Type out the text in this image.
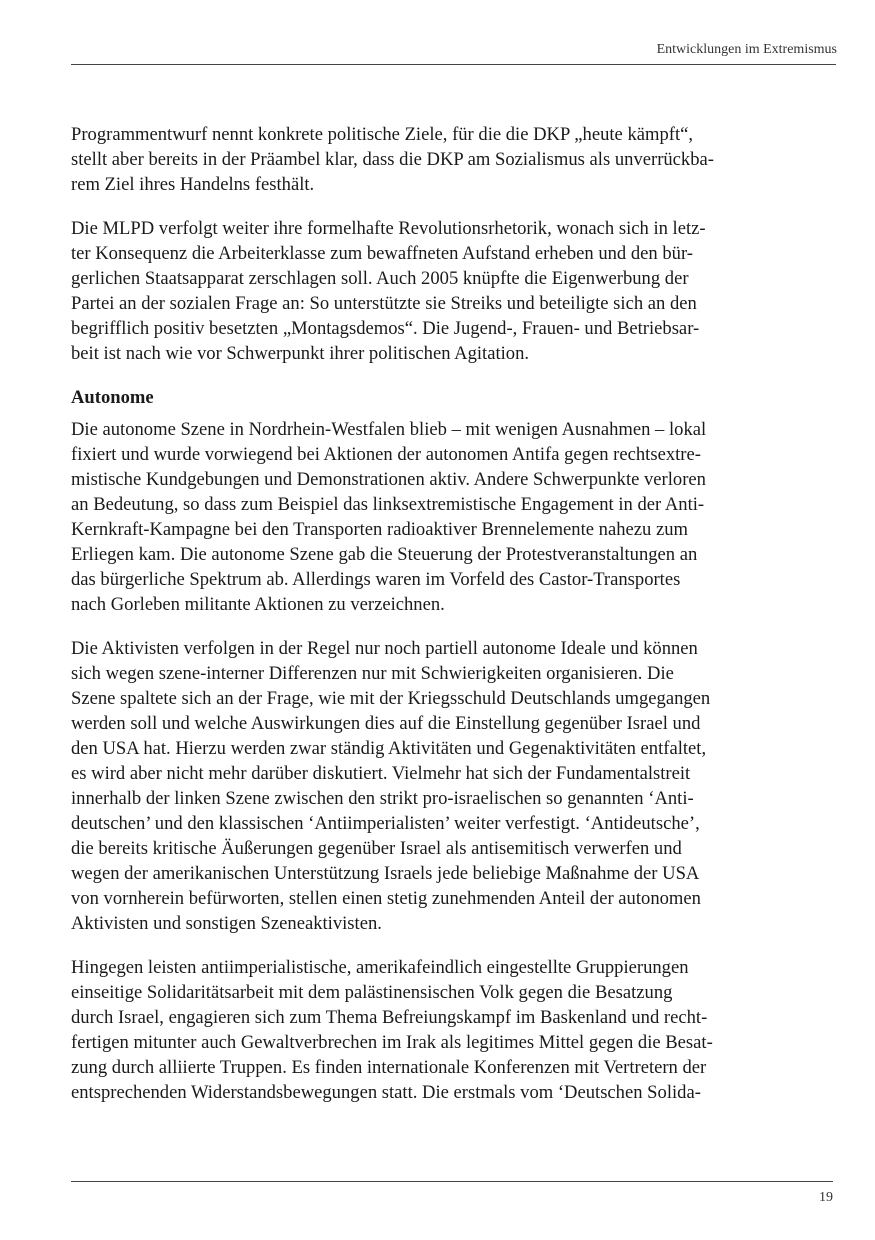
Entwicklungen im Extremismus

Programmentwurf nennt konkrete politische Ziele, für die die DKP „heute kämpft“,
stellt aber bereits in der Präambel klar, dass die DKP am Sozialismus als unverrückba-
rem Ziel ihres Handelns festhält.

Die MLPD verfolgt weiter ihre formelhafte Revolutionsrhetorik, wonach sich in letz-
ter Konsequenz die Arbeiterklasse zum bewaffneten Aufstand erheben und den bür-
gerlichen Staatsapparat zerschlagen soll. Auch 2005 knüpfte die Eigenwerbung der
Partei an der sozialen Frage an: So unterstützte sie Streiks und beteiligte sich an den
begrifflich positiv besetzten „Montagsdemos“. Die Jugend-, Frauen- und Betriebsar-
beit ist nach wie vor Schwerpunkt ihrer politischen Agitation.

Autonome

Die autonome Szene in Nordrhein-Westfalen blieb – mit wenigen Ausnahmen – lokal
fixiert und wurde vorwiegend bei Aktionen der autonomen Antifa gegen rechtsextre-
mistische Kundgebungen und Demonstrationen aktiv. Andere Schwerpunkte verloren
an Bedeutung, so dass zum Beispiel das linksextremistische Engagement in der Anti-
Kernkraft-Kampagne bei den Transporten radioaktiver Brennelemente nahezu zum
Erliegen kam. Die autonome Szene gab die Steuerung der Protestveranstaltungen an
das bürgerliche Spektrum ab. Allerdings waren im Vorfeld des Castor-Transportes
nach Gorleben militante Aktionen zu verzeichnen.

Die Aktivisten verfolgen in der Regel nur noch partiell autonome Ideale und können
sich wegen szene-interner Differenzen nur mit Schwierigkeiten organisieren. Die
Szene spaltete sich an der Frage, wie mit der Kriegsschuld Deutschlands umgegangen
werden soll und welche Auswirkungen dies auf die Einstellung gegenüber Israel und
den USA hat. Hierzu werden zwar ständig Aktivitäten und Gegenaktivitäten entfaltet,
es wird aber nicht mehr darüber diskutiert. Vielmehr hat sich der Fundamentalstreit
innerhalb der linken Szene zwischen den strikt pro-israelischen so genannten ‘Anti-
deutschen’ und den klassischen ‘Antiimperialisten’ weiter verfestigt. ‘Antideutsche’,
die bereits kritische Äußerungen gegenüber Israel als antisemitisch verwerfen und
wegen der amerikanischen Unterstützung Israels jede beliebige Maßnahme der USA
von vornherein befürworten, stellen einen stetig zunehmenden Anteil der autonomen
Aktivisten und sonstigen Szeneaktivisten.

Hingegen leisten antiimperialistische, amerikafeindlich eingestellte Gruppierungen
einseitige Solidaritätsarbeit mit dem palästinensischen Volk gegen die Besatzung
durch Israel, engagieren sich zum Thema Befreiungskampf im Baskenland und recht-
fertigen mitunter auch Gewaltverbrechen im Irak als legitimes Mittel gegen die Besat-
zung durch alliierte Truppen. Es finden internationale Konferenzen mit Vertretern der
entsprechenden Widerstandsbewegungen statt. Die erstmals vom ‘Deutschen Solida-

19
